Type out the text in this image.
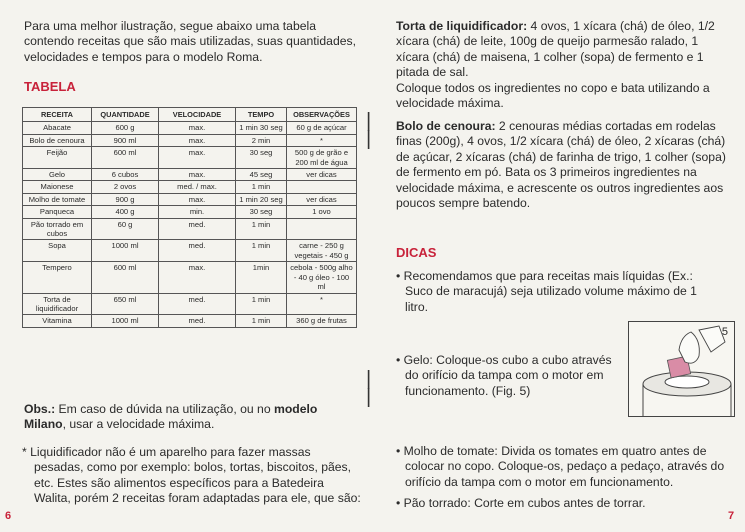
Para uma melhor ilustração, segue abaixo uma tabela contendo receitas que são mais utilizadas, suas quantidades, velocidades e tempos para o modelo Roma.
TABELA
RECEITA	QUANTIDADE	VELOCIDADE	TEMPO	OBSERVAÇÕES
Abacate	600 g	max.	1 min 30 seg	60 g de açúcar
Bolo de cenoura	900 ml	max.	2 min	*
Feijão	600 ml	max.	30 seg	500 g de grão e 200 ml de água
Gelo	6 cubos	max.	45 seg	ver dicas
Maionese	2 ovos	med. / max.	1 min	
Molho de tomate	900 g	max.	1 min 20 seg	ver dicas
Panqueca	400 g	min.	30 seg	1 ovo
Pão torrado em cubos	60 g	med.	1 min	
Sopa	1000 ml	med.	1 min	carne - 250 g vegetais - 450 g
Tempero	600 ml	max.	1min	cebola - 500g alho - 40 g óleo - 100 ml
Torta de liquidificador	650 ml	med.	1 min	*
Vitamina	1000 ml	med.	1 min	360 g de frutas
|
|
|
|
Obs.: Em caso de dúvida na utilização, ou no modelo Milano, usar a velocidade máxima.
* Liquidificador não é um aparelho para fazer massas pesadas, como por exemplo: bolos, tortas, biscoitos, pães, etc. Estes são alimentos específicos para a Batedeira Walita, porém 2 receitas foram adaptadas para ele, que são:
6
Torta de liquidificador: 4 ovos, 1 xícara (chá) de óleo, 1/2 xícara (chá) de leite, 100g de queijo parmesão ralado, 1 xícara (chá) de maisena, 1 colher (sopa) de fermento e 1 pitada de sal.
Coloque todos os ingredientes no copo e bata utilizando a velocidade máxima.
Bolo de cenoura: 2 cenouras médias cortadas em rodelas finas (200g), 4 ovos, 1/2 xícara (chá) de óleo, 2 xícaras (chá) de açúcar, 2 xícaras (chá) de farinha de trigo, 1 colher (sopa) de fermento em pó. Bata os 3 primeiros ingredientes na velocidade máxima, e acrescente os outros ingredientes aos poucos sempre batendo.
DICAS
• Recomendamos que para receitas mais líquidas (Ex.: Suco de maracujá) seja utilizado volume máximo de 1 litro.
• Gelo: Coloque-os cubo a cubo através do orifício da tampa com o motor em funcionamento. (Fig. 5)
5
• Molho de tomate: Divida os tomates em quatro antes de colocar no copo. Coloque-os, pedaço a pedaço, através do orifício da tampa com o motor em funcionamento.
• Pão torrado: Corte em cubos antes de torrar.
7
